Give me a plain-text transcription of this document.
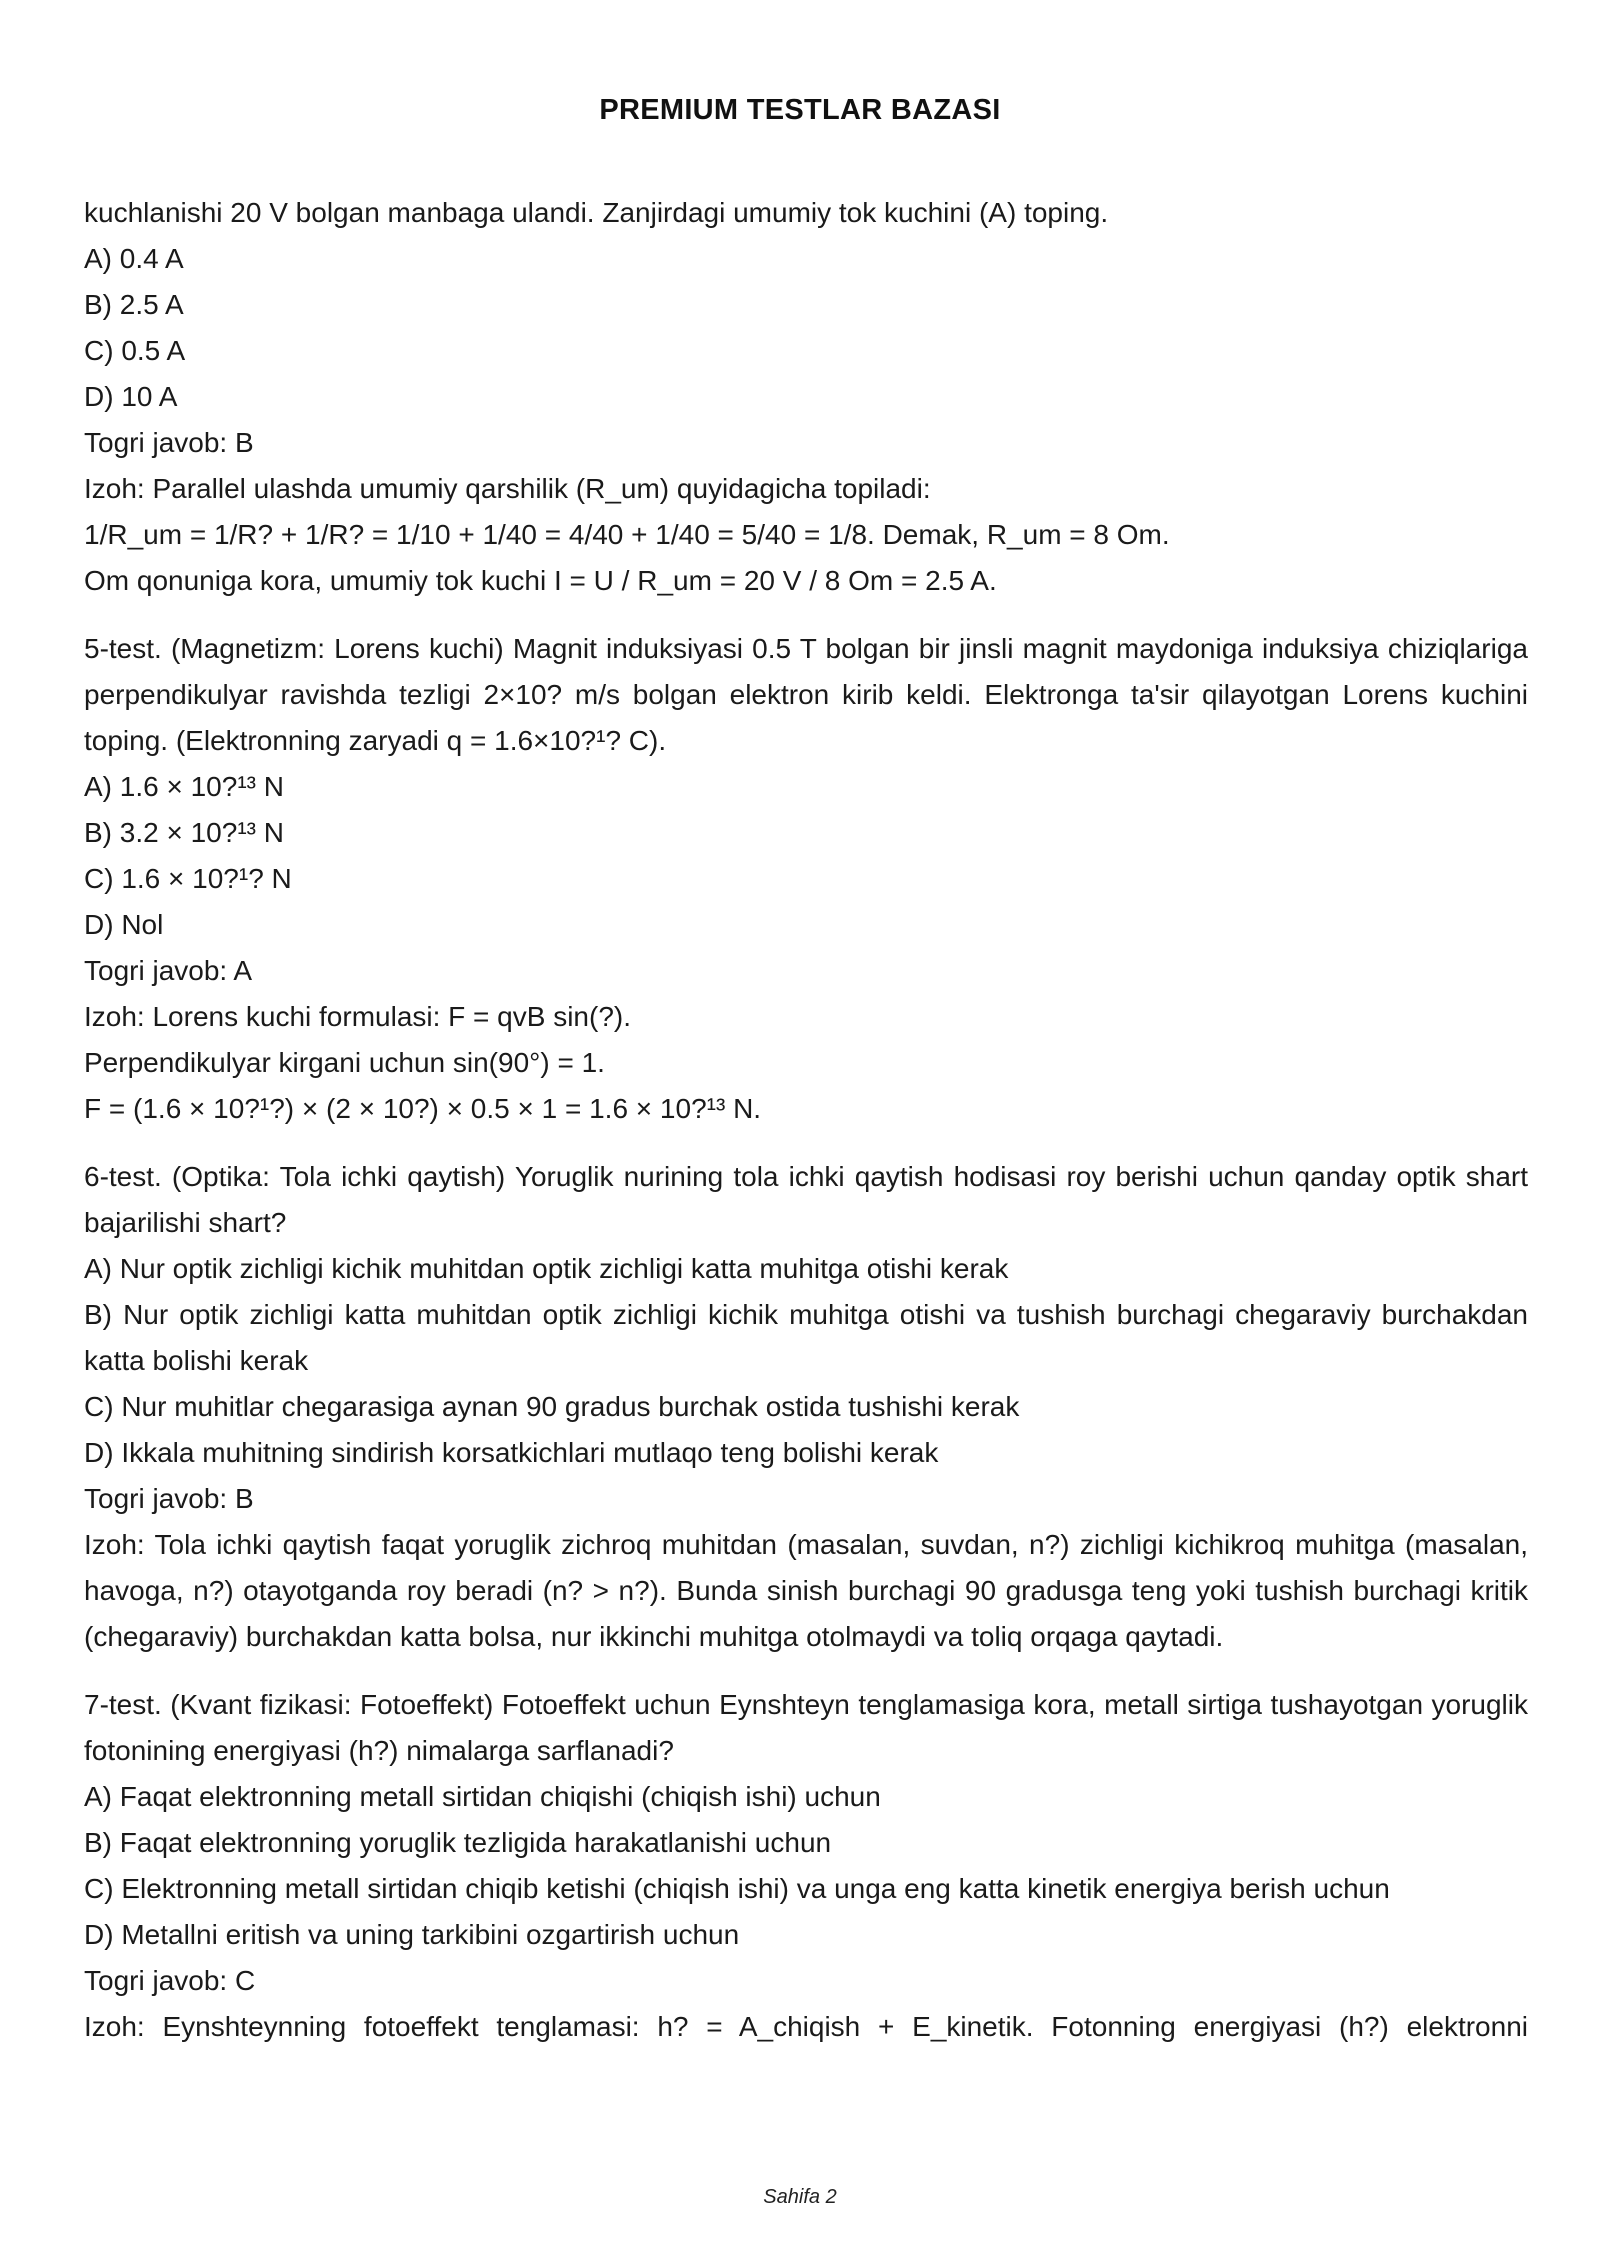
PREMIUM TESTLAR BAZASI

kuchlanishi 20 V bolgan manbaga ulandi. Zanjirdagi umumiy tok kuchini (A) toping.

A) 0.4 A

B) 2.5 A

C) 0.5 A

D) 10 A

Togri javob: B

Izoh: Parallel ulashda umumiy qarshilik (R_um) quyidagicha topiladi:

1/R_um = 1/R? + 1/R? = 1/10 + 1/40 = 4/40 + 1/40 = 5/40 = 1/8. Demak, R_um = 8 Om.

Om qonuniga kora, umumiy tok kuchi I = U / R_um = 20 V / 8 Om = 2.5 A.

5-test. (Magnetizm: Lorens kuchi) Magnit induksiyasi 0.5 T bolgan bir jinsli magnit maydoniga induksiya chiziqlariga perpendikulyar ravishda tezligi 2×10? m/s bolgan elektron kirib keldi. Elektronga ta'sir qilayotgan Lorens kuchini toping. (Elektronning zaryadi q = 1.6×10?¹? C).

A) 1.6 × 10?¹³ N

B) 3.2 × 10?¹³ N

C) 1.6 × 10?¹? N

D) Nol

Togri javob: A

Izoh: Lorens kuchi formulasi: F = qvB sin(?).

Perpendikulyar kirgani uchun sin(90°) = 1.

F = (1.6 × 10?¹?) × (2 × 10?) × 0.5 × 1 = 1.6 × 10?¹³ N.

6-test. (Optika: Tola ichki qaytish) Yoruglik nurining tola ichki qaytish hodisasi roy berishi uchun qanday optik shart bajarilishi shart?

A) Nur optik zichligi kichik muhitdan optik zichligi katta muhitga otishi kerak

B) Nur optik zichligi katta muhitdan optik zichligi kichik muhitga otishi va tushish burchagi chegaraviy burchakdan katta bolishi kerak

C) Nur muhitlar chegarasiga aynan 90 gradus burchak ostida tushishi kerak

D) Ikkala muhitning sindirish korsatkichlari mutlaqo teng bolishi kerak

Togri javob: B

Izoh: Tola ichki qaytish faqat yoruglik zichroq muhitdan (masalan, suvdan, n?) zichligi kichikroq muhitga (masalan, havoga, n?) otayotganda roy beradi (n? > n?). Bunda sinish burchagi 90 gradusga teng yoki tushish burchagi kritik (chegaraviy) burchakdan katta bolsa, nur ikkinchi muhitga otolmaydi va toliq orqaga qaytadi.

7-test. (Kvant fizikasi: Fotoeffekt) Fotoeffekt uchun Eynshteyn tenglamasiga kora, metall sirtiga tushayotgan yoruglik fotonining energiyasi (h?) nimalarga sarflanadi?

A) Faqat elektronning metall sirtidan chiqishi (chiqish ishi) uchun

B) Faqat elektronning yoruglik tezligida harakatlanishi uchun

C) Elektronning metall sirtidan chiqib ketishi (chiqish ishi) va unga eng katta kinetik energiya berish uchun

D) Metallni eritish va uning tarkibini ozgartirish uchun

Togri javob: C

Izoh: Eynshteynning fotoeffekt tenglamasi: h? = A_chiqish + E_kinetik. Fotonning energiyasi (h?) elektronni

Sahifa 2
